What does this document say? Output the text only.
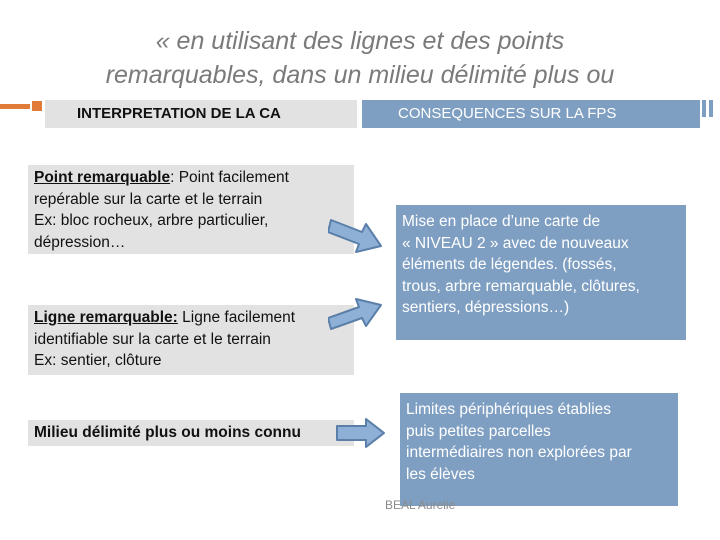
« en utilisant des lignes et des points
remarquables, dans un milieu délimité plus ou
INTERPRETATION DE LA CA	CONSEQUENCES SUR LA FPS
Point remarquable: Point facilement
repérable sur la carte et le terrain
Ex: bloc rocheux, arbre particulier,
dépression…
Ligne remarquable: Ligne facilement
identifiable sur la carte et le terrain
Ex: sentier, clôture
Milieu délimité plus ou moins connu
Mise en place d’une carte de
« NIVEAU 2 » avec de nouveaux
éléments de légendes. (fossés,
trous, arbre remarquable, clôtures,
sentiers, dépressions…)
Limites périphériques établies
puis petites parcelles
intermédiaires non explorées par
les élèves
BEAL Aurelie
